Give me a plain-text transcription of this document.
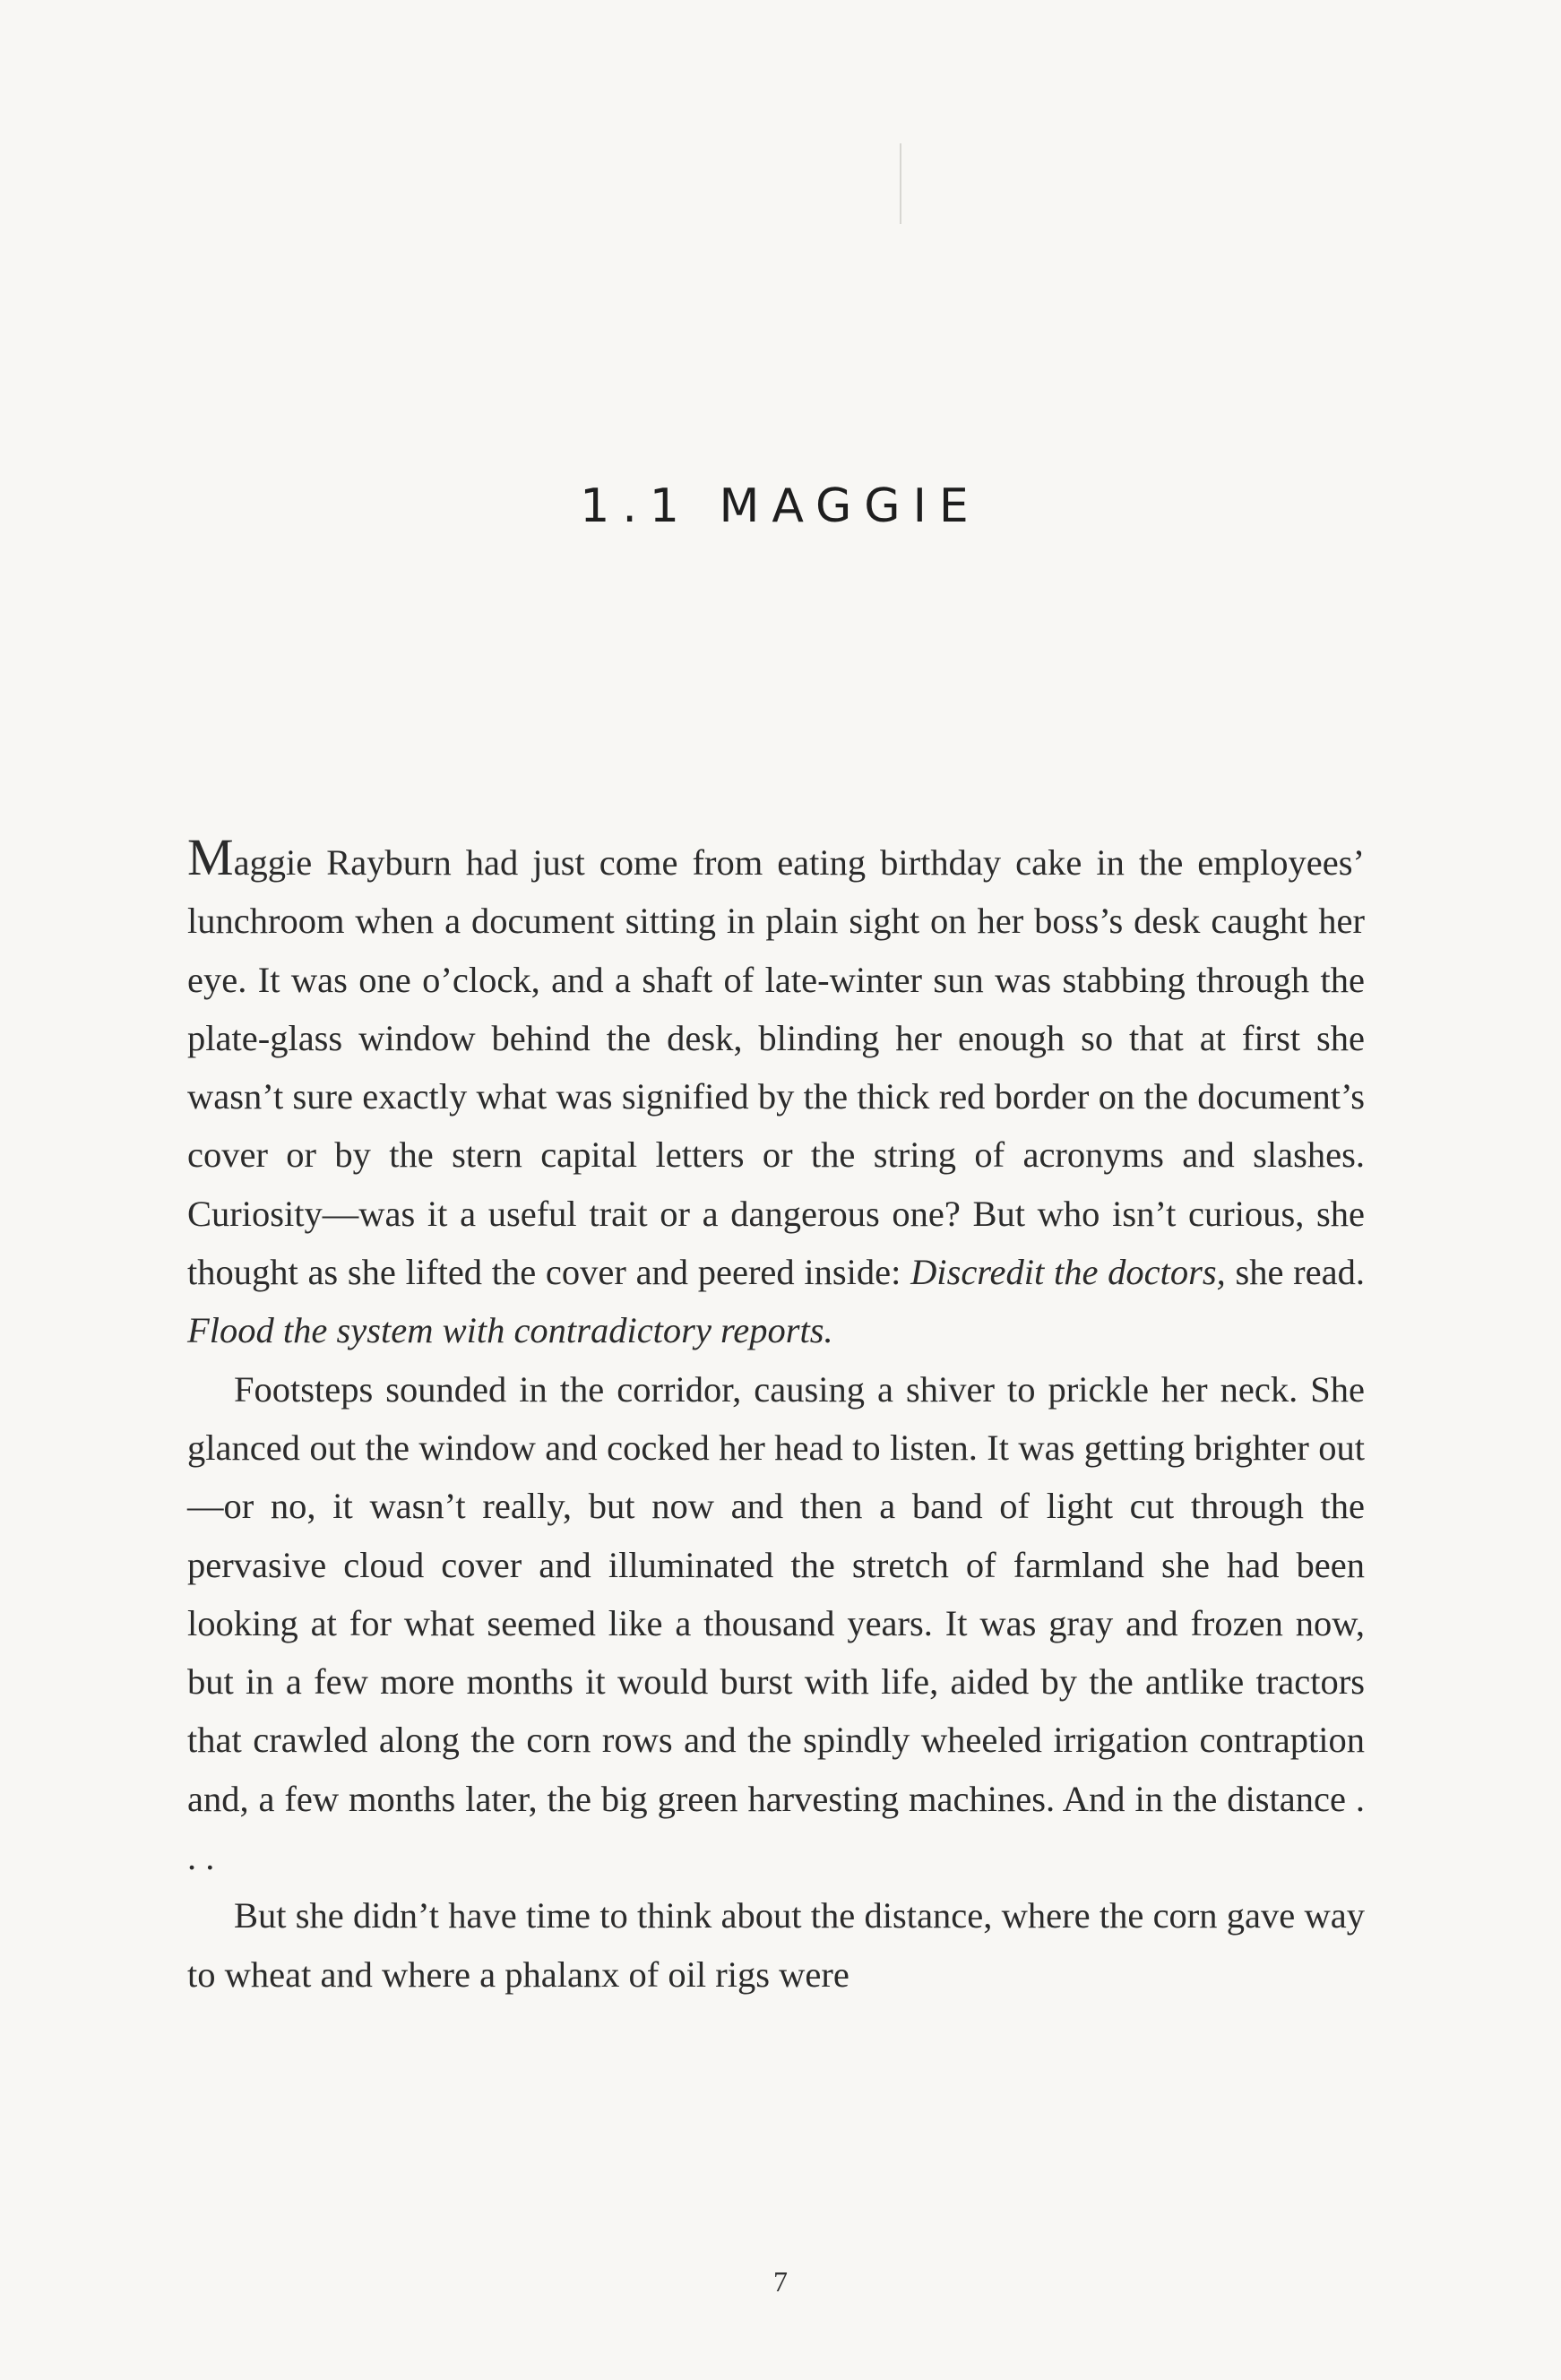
1.1 MAGGIE

Maggie Rayburn had just come from eating birthday cake in the employees’ lunchroom when a document sitting in plain sight on her boss’s desk caught her eye. It was one o’clock, and a shaft of late-winter sun was stabbing through the plate-glass window behind the desk, blinding her enough so that at first she wasn’t sure exactly what was signified by the thick red border on the document’s cover or by the stern capital letters or the string of acronyms and slashes. Curiosity—was it a useful trait or a dangerous one? But who isn’t curious, she thought as she lifted the cover and peered inside: Discredit the doctors, she read. Flood the system with contradictory reports.

Footsteps sounded in the corridor, causing a shiver to prickle her neck. She glanced out the window and cocked her head to listen. It was getting brighter out—or no, it wasn’t really, but now and then a band of light cut through the pervasive cloud cover and illuminated the stretch of farmland she had been looking at for what seemed like a thousand years. It was gray and frozen now, but in a few more months it would burst with life, aided by the antlike tractors that crawled along the corn rows and the spindly wheeled irrigation contraption and, a few months later, the big green harvesting machines. And in the distance . . .

But she didn’t have time to think about the distance, where the corn gave way to wheat and where a phalanx of oil rigs were

7
